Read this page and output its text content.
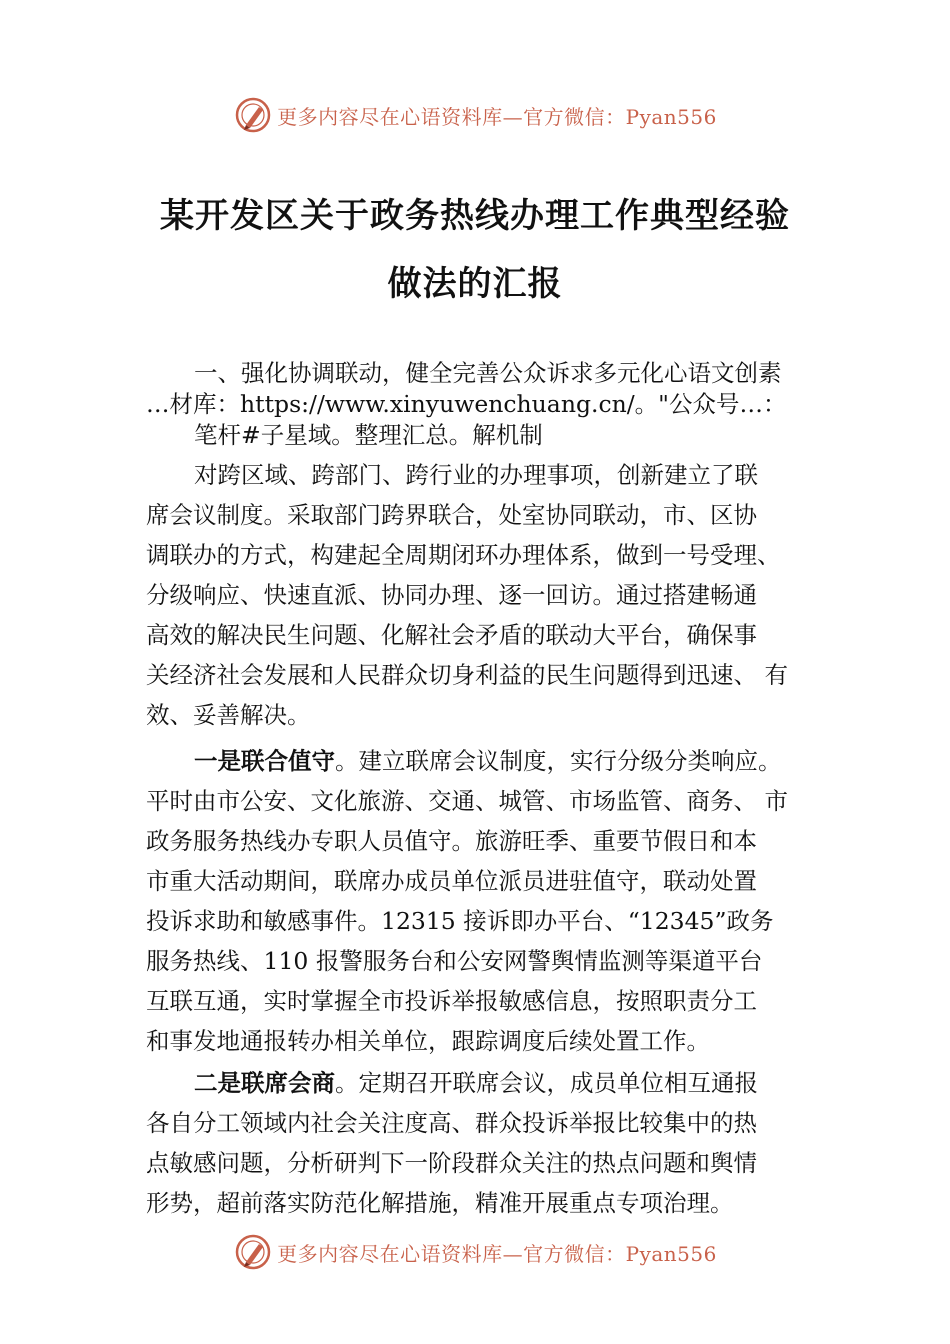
更多内容尽在心语资料库—官方微信：Pyan556
某开发区关于政务热线办理工作典型经验
做法的汇报
一、强化协调联动，健全完善公众诉求多元化心语文创素
…材库：https://www.xinyuwenchuang.cn/。"公众号…：
笔杆#子星域。整理汇总。解机制
对跨区域、跨部门、跨行业的办理事项，创新建立了联
席会议制度。采取部门跨界联合，处室协同联动，市、区协
调联办的方式，构建起全周期闭环办理体系，做到一号受理、
分级响应、快速直派、协同办理、逐一回访。通过搭建畅通
高效的解决民生问题、化解社会矛盾的联动大平台，确保事
关经济社会发展和人民群众切身利益的民生问题得到迅速、 有
效、妥善解决。
一是联合值守。建立联席会议制度，实行分级分类响应。
平时由市公安、文化旅游、交通、城管、市场监管、商务、 市
政务服务热线办专职人员值守。旅游旺季、重要节假日和本
市重大活动期间，联席办成员单位派员进驻值守，联动处置
投诉求助和敏感事件。12315 接诉即办平台、“12345”政务
服务热线、110 报警服务台和公安网警舆情监测等渠道平台
互联互通，实时掌握全市投诉举报敏感信息，按照职责分工
和事发地通报转办相关单位，跟踪调度后续处置工作。
二是联席会商。定期召开联席会议，成员单位相互通报
各自分工领域内社会关注度高、群众投诉举报比较集中的热
点敏感问题，分析研判下一阶段群众关注的热点问题和舆情
形势，超前落实防范化解措施，精准开展重点专项治理。
更多内容尽在心语资料库—官方微信：Pyan556
